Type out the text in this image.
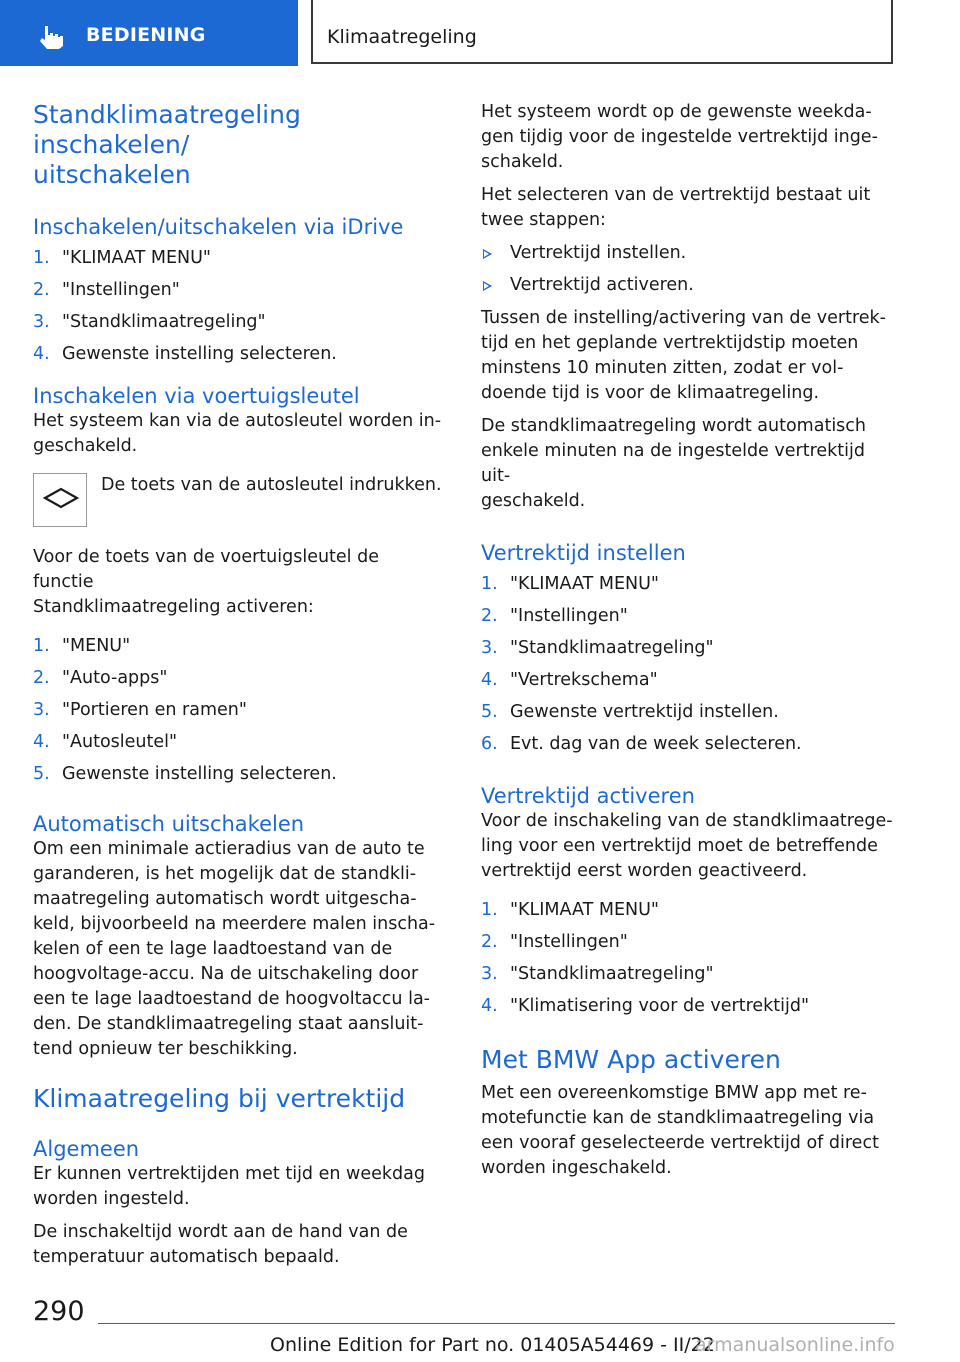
BEDIENING	Klimaatregeling
Standklimaatregeling inschakelen/
uitschakelen
Inschakelen/uitschakelen via iDrive
1. "KLIMAAT MENU"
2. "Instellingen"
3. "Standklimaatregeling"
4. Gewenste instelling selecteren.
Inschakelen via voertuigsleutel

Het systeem kan via de autosleutel worden in-
geschakeld.

De toets van de autosleutel indrukken.

Voor de toets van de voertuigsleutel de functie
Standklimaatregeling activeren:

1. "MENU"
2. "Auto-apps"
3. "Portieren en ramen"
4. "Autosleutel"
5. Gewenste instelling selecteren.
Automatisch uitschakelen

Om een minimale actieradius van de auto te
garanderen, is het mogelijk dat de standkli-
maatregeling automatisch wordt uitgescha-
keld, bijvoorbeeld na meerdere malen inscha-
kelen of een te lage laadtoestand van de
hoogvoltage-accu. Na de uitschakeling door
een te lage laadtoestand de hoogvoltaccu la-
den. De standklimaatregeling staat aansluit-
tend opnieuw ter beschikking.

Klimaatregeling bij vertrektijd
Algemeen

Er kunnen vertrektijden met tijd en weekdag
worden ingesteld.

De inschakeltijd wordt aan de hand van de
temperatuur automatisch bepaald.

Het systeem wordt op de gewenste weekda-
gen tijdig voor de ingestelde vertrektijd inge-
schakeld.

Het selecteren van de vertrektijd bestaat uit
twee stappen:

Vertrektijd instellen.
Vertrektijd activeren.

Tussen de instelling/activering van de vertrek-
tijd en het geplande vertrektijdstip moeten
minstens 10 minuten zitten, zodat er vol-
doende tijd is voor de klimaatregeling.

De standklimaatregeling wordt automatisch
enkele minuten na de ingestelde vertrektijd uit-
geschakeld.

Vertrektijd instellen
1. "KLIMAAT MENU"
2. "Instellingen"
3. "Standklimaatregeling"
4. "Vertrekschema"
5. Gewenste vertrektijd instellen.
6. Evt. dag van de week selecteren.
Vertrektijd activeren

Voor de inschakeling van de standklimaatrege-
ling voor een vertrektijd moet de betreffende
vertrektijd eerst worden geactiveerd.

1. "KLIMAAT MENU"
2. "Instellingen"
3. "Standklimaatregeling"
4. "Klimatisering voor de vertrektijd"
Met BMW App activeren

Met een overeenkomstige BMW app met re-
motefunctie kan de standklimaatregeling via
een vooraf geselecteerde vertrektijd of direct
worden ingeschakeld.

290
Online Edition for Part no. 01405A54469 - II/22
armanualsonline.info
